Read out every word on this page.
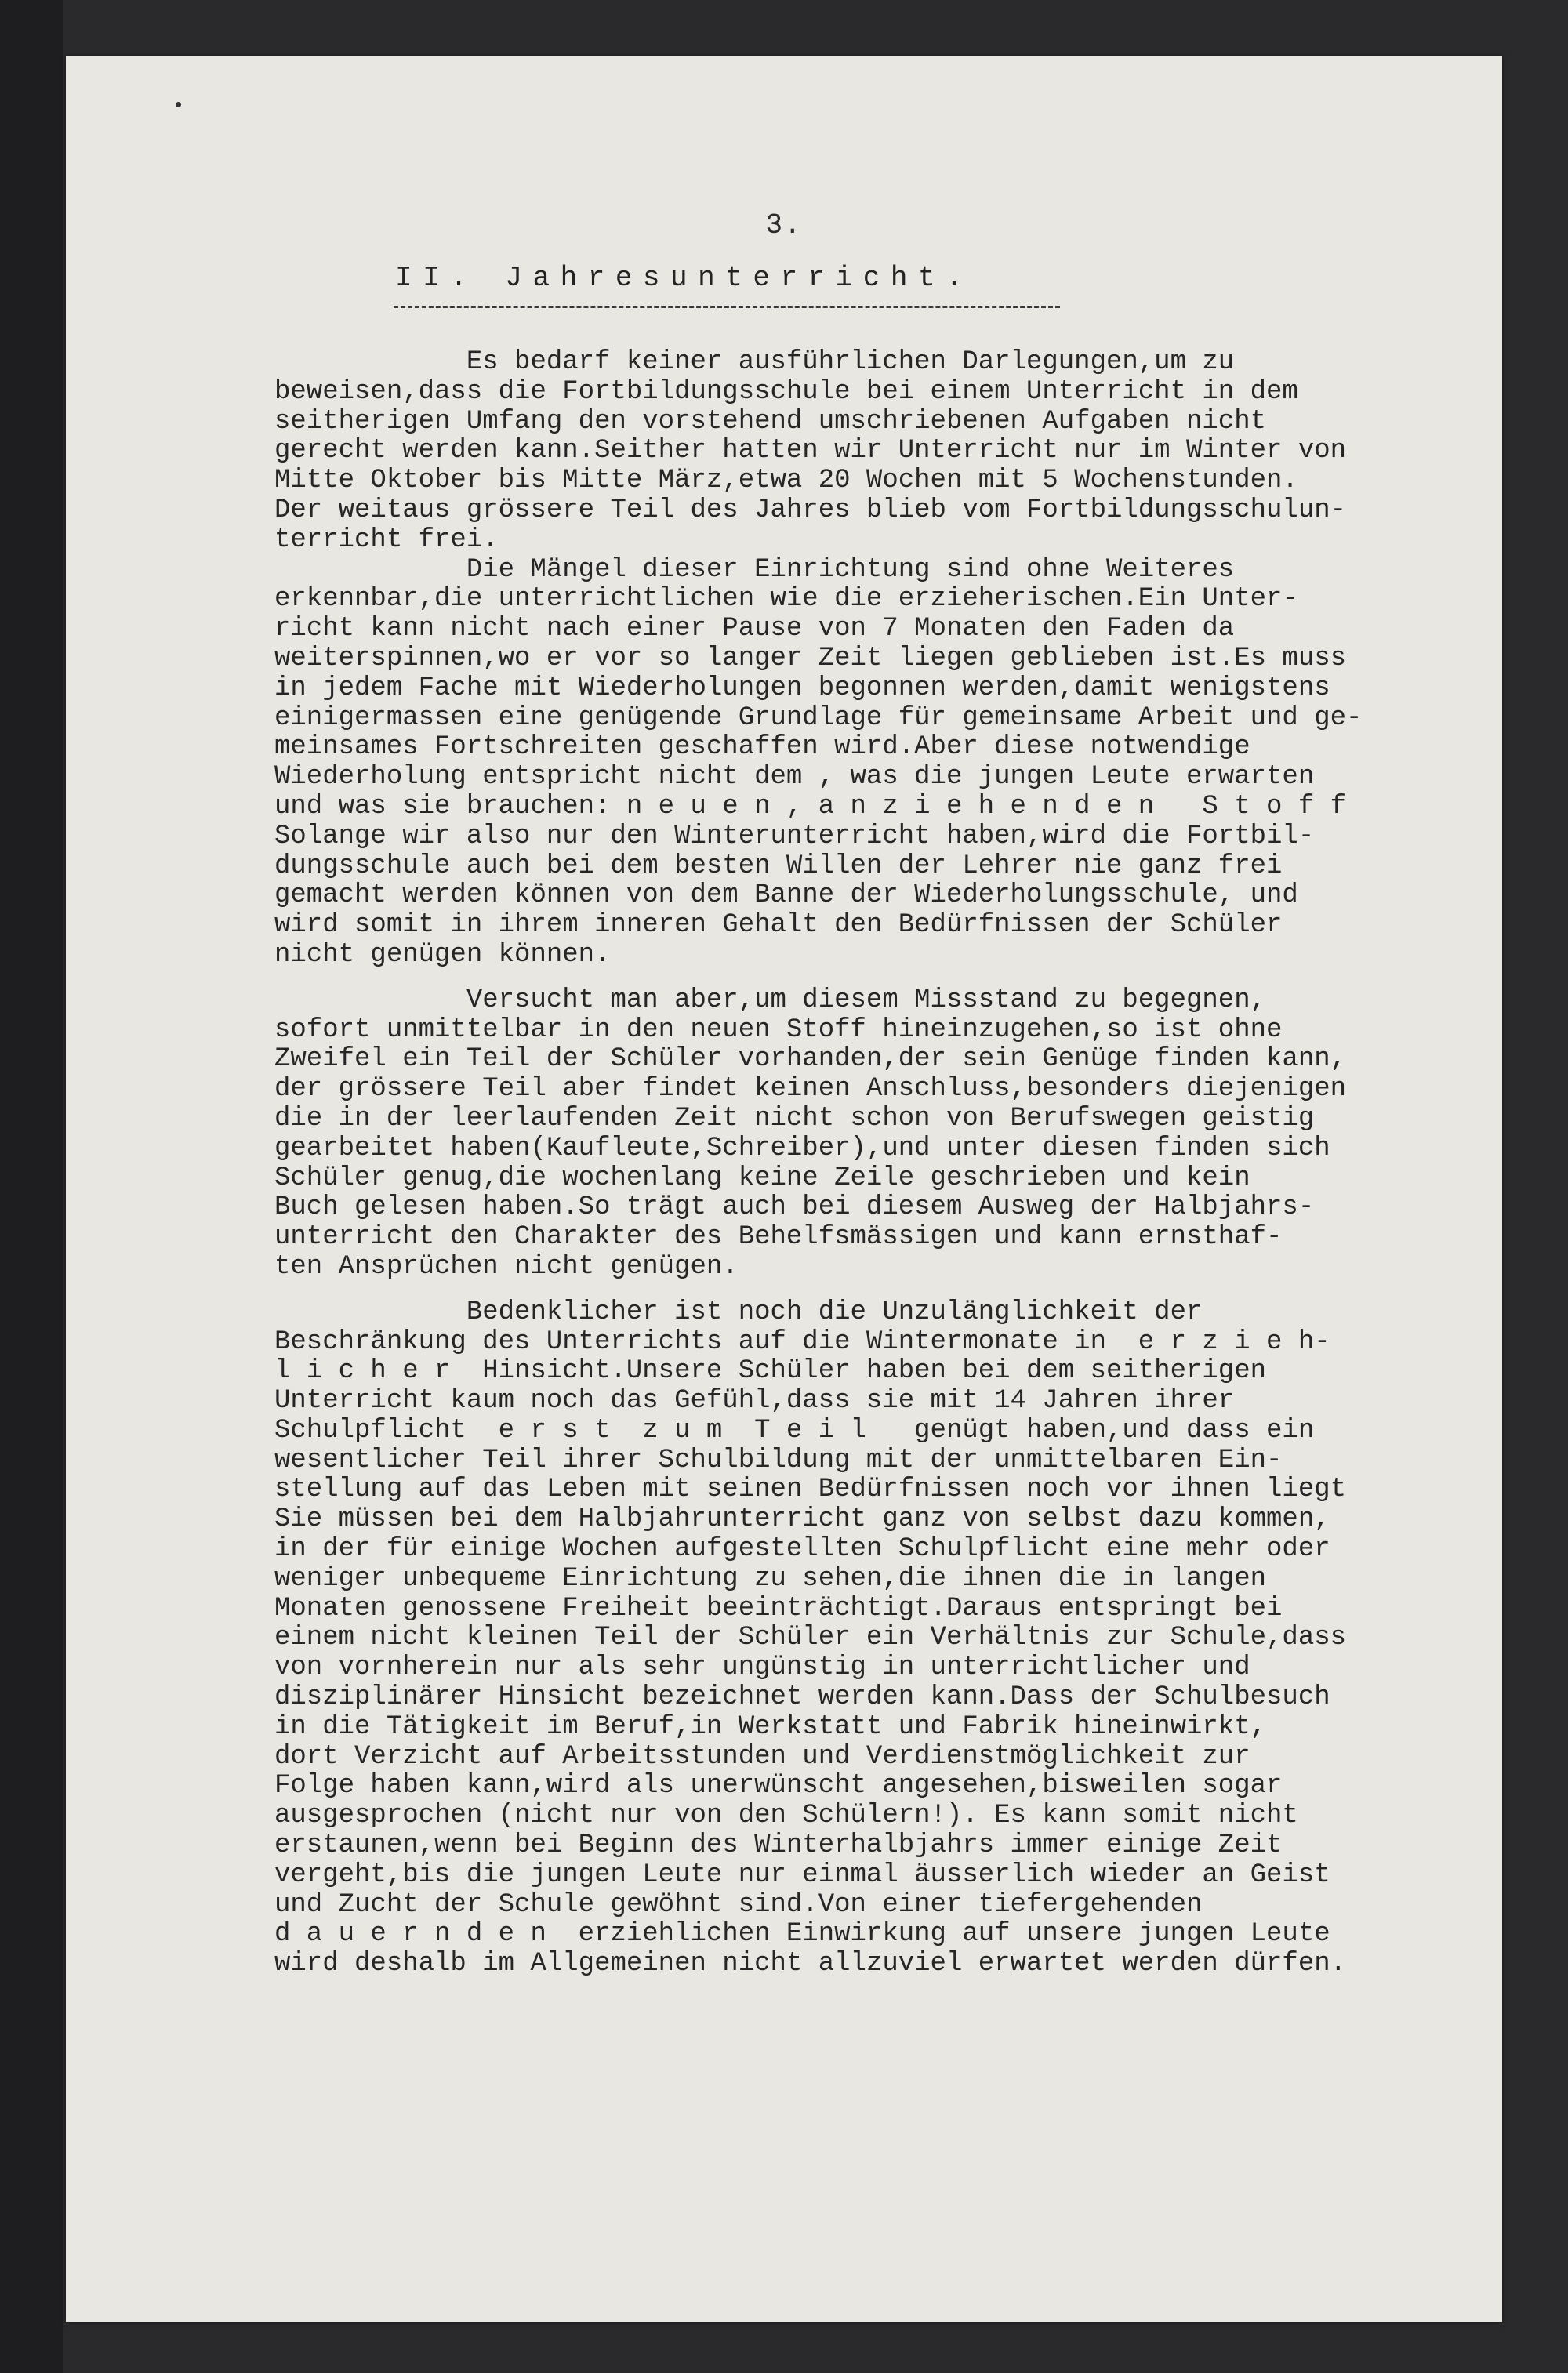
3.
II. Jahresunterricht.
Es bedarf keiner ausführlichen Darlegungen,um zu
beweisen,dass die Fortbildungsschule bei einem Unterricht in dem
seitherigen Umfang den vorstehend umschriebenen Aufgaben nicht
gerecht werden kann.Seither hatten wir Unterricht nur im Winter von
Mitte Oktober bis Mitte März,etwa 20 Wochen mit 5 Wochenstunden.
Der weitaus grössere Teil des Jahres blieb vom Fortbildungsschulun-
terricht frei.
Die Mängel dieser Einrichtung sind ohne Weiteres
erkennbar,die unterrichtlichen wie die erzieherischen.Ein Unter-
richt kann nicht nach einer Pause von 7 Monaten den Faden da
weiterspinnen,wo er vor so langer Zeit liegen geblieben ist.Es muss
in jedem Fache mit Wiederholungen begonnen werden,damit wenigstens
einigermassen eine genügende Grundlage für gemeinsame Arbeit und ge-
meinsames Fortschreiten geschaffen wird.Aber diese notwendige
Wiederholung entspricht nicht dem , was die jungen Leute erwarten
und was sie brauchen: n e u e n , a n z i e h e n d e n   S t o f f
Solange wir also nur den Winterunterricht haben,wird die Fortbil-
dungsschule auch bei dem besten Willen der Lehrer nie ganz frei
gemacht werden können von dem Banne der Wiederholungsschule, und
wird somit in ihrem inneren Gehalt den Bedürfnissen der Schüler
nicht genügen können.
Versucht man aber,um diesem Missstand zu begegnen,
sofort unmittelbar in den neuen Stoff hineinzugehen,so ist ohne
Zweifel ein Teil der Schüler vorhanden,der sein Genüge finden kann,
der grössere Teil aber findet keinen Anschluss,besonders diejenigen
die in der leerlaufenden Zeit nicht schon von Berufswegen geistig
gearbeitet haben(Kaufleute,Schreiber),und unter diesen finden sich
Schüler genug,die wochenlang keine Zeile geschrieben und kein
Buch gelesen haben.So trägt auch bei diesem Ausweg der Halbjahrs-
unterricht den Charakter des Behelfsmässigen und kann ernsthaf-
ten Ansprüchen nicht genügen.
Bedenklicher ist noch die Unzulänglichkeit der
Beschränkung des Unterrichts auf die Wintermonate in  e r z i e h-
l i c h e r  Hinsicht.Unsere Schüler haben bei dem seitherigen
Unterricht kaum noch das Gefühl,dass sie mit 14 Jahren ihrer
Schulpflicht  e r s t  z u m  T e i l   genügt haben,und dass ein
wesentlicher Teil ihrer Schulbildung mit der unmittelbaren Ein-
stellung auf das Leben mit seinen Bedürfnissen noch vor ihnen liegt
Sie müssen bei dem Halbjahrunterricht ganz von selbst dazu kommen,
in der für einige Wochen aufgestellten Schulpflicht eine mehr oder
weniger unbequeme Einrichtung zu sehen,die ihnen die in langen
Monaten genossene Freiheit beeinträchtigt.Daraus entspringt bei
einem nicht kleinen Teil der Schüler ein Verhältnis zur Schule,dass
von vornherein nur als sehr ungünstig in unterrichtlicher und
disziplinärer Hinsicht bezeichnet werden kann.Dass der Schulbesuch
in die Tätigkeit im Beruf,in Werkstatt und Fabrik hineinwirkt,
dort Verzicht auf Arbeitsstunden und Verdienstmöglichkeit zur
Folge haben kann,wird als unerwünscht angesehen,bisweilen sogar
ausgesprochen (nicht nur von den Schülern!). Es kann somit nicht
erstaunen,wenn bei Beginn des Winterhalbjahrs immer einige Zeit
vergeht,bis die jungen Leute nur einmal äusserlich wieder an Geist
und Zucht der Schule gewöhnt sind.Von einer tiefergehenden
d a u e r n d e n  erziehlichen Einwirkung auf unsere jungen Leute
wird deshalb im Allgemeinen nicht allzuviel erwartet werden dürfen.
